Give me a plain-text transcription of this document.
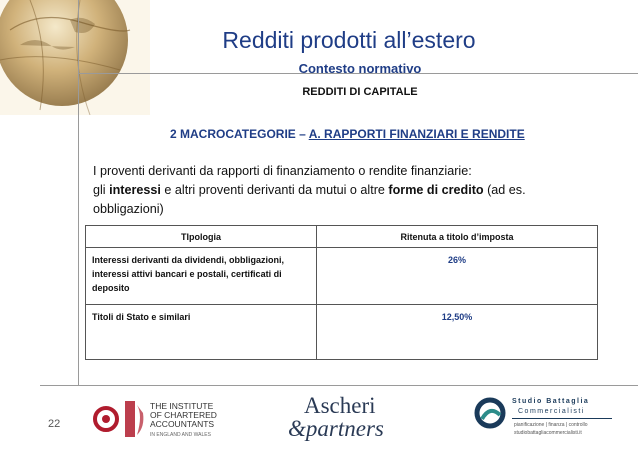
Redditi prodotti all’estero
Contesto normativo
REDDITI DI CAPITALE
2 MACROCATEGORIE – A. RAPPORTI FINANZIARI E RENDITE
I proventi derivanti da rapporti di finanziamento o rendite finanziarie:
gli interessi e altri proventi derivanti da mutui o altre forme di credito (ad es.
obbligazioni)
TIpologia	Ritenuta a titolo d’imposta
Interessi derivanti da dividendi, obbligazioni, interessi attivi bancari e postali, certificati di deposito	26%
Titoli di Stato e similari	12,50%
22
THE INSTITUTE
OF CHARTERED
ACCOUNTANTS
IN ENGLAND AND WALES
Ascheri
&partners
Studio Battaglia
Commercialisti
pianificazione | finanza | controllo
studiobattagliacommercialisti.it
